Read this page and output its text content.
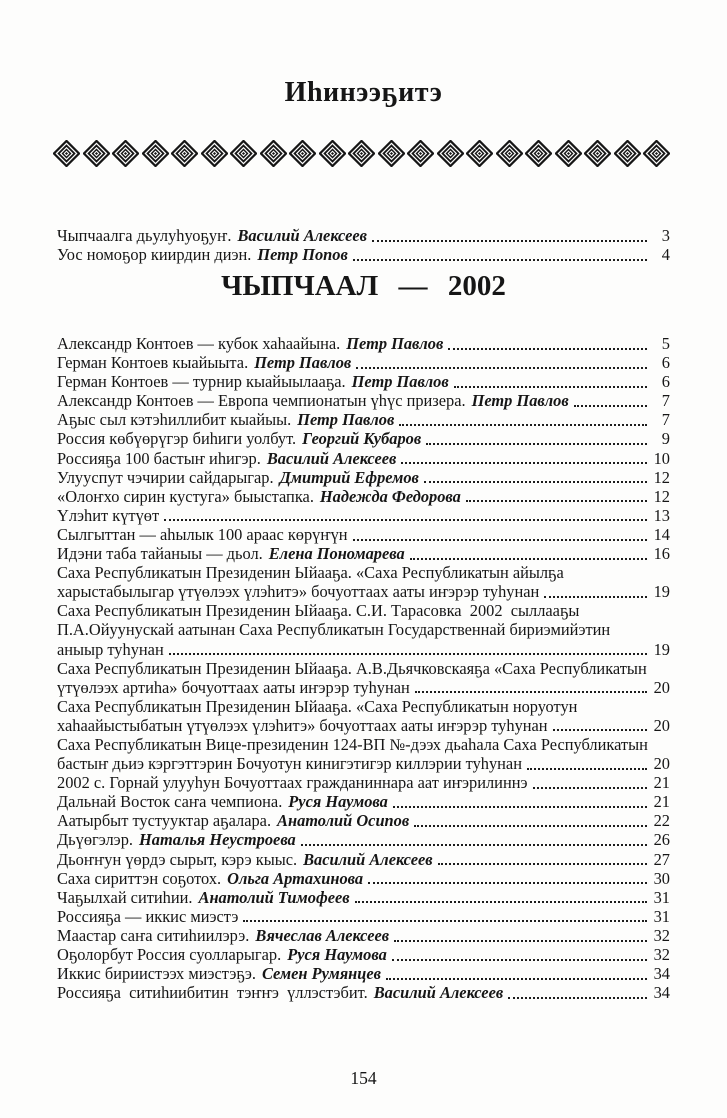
Иһинээҕитэ
Чыпчаалга дьулуһуоҕуҥ. Василий Алексеев	3
Уос номоҕор киирдин диэн. Петр Попов	4
ЧЫПЧААЛ — 2002
Александр Контоев — кубок хаһаайына. Петр Павлов	5
Герман Контоев кыайыыта. Петр Павлов	6
Герман Контоев — турнир кыайыылааҕа. Петр Павлов	6
Александр Контоев — Европа чемпионатын үһүс призера. Петр Павлов	7
Аҕыс сыл кэтэһиллибит кыайыы. Петр Павлов	7
Россия көбүөрүгэр биһиги уолбут. Георгий Кубаров	9
Россияҕа 100 бастыҥ иһигэр. Василий Алексеев	10
Улууспут чэчирии сайдарыгар. Дмитрий Ефремов	12
«Олоҥхо сирин кустуга» быыстапка. Надежда Федорова	12
Үлэһит күтүөт	13
Сылгыттан — аһылык 100 араас көрүҥүн	14
Идэни таба тайаныы — дьол. Елена Пономарева	16
Саха Республикатын Президенин Ыйааҕа. «Саха Республикатын айылҕа
харыстабылыгар үтүөлээх үлэһитэ» бочуоттаах ааты иҥэрэр туһунан	19
Саха Республикатын Президенин Ыйааҕа. С.И. Тарасовка  2002  сыллааҕы
П.А.Ойуунускай аатынан Саха Республикатын Государственнай бириэмийэтин
аныыр туһунан	19
Саха Республикатын Президенин Ыйааҕа. А.В.Дьячковскаяҕа «Саха Республикатын
үтүөлээх артиһа» бочуоттаах ааты иҥэрэр туһунан	20
Саха Республикатын Президенин Ыйааҕа. «Саха Республикатын норуотун
хаһаайыстыбатын үтүөлээх үлэһитэ» бочуоттаах ааты иҥэрэр туһунан	20
Саха Республикатын Вице-президенин 124-ВП №-дээх дьаһала Саха Республикатын
бастыҥ дьиэ кэргэттэрин Бочуотун кинигэтигэр киллэрии туһунан	20
2002 с. Горнай улууһун Бочуоттаах гражданиннара аат иҥэрилиннэ	21
Дальнай Восток саҥа чемпиона. Руся Наумова	21
Аатырбыт тустууктар аҕалара. Анатолий Осипов	22
Дьүөгэлэр. Наталья Неустроева	26
Дьоҥҥун үөрдэ сырыт, кэрэ кыыс. Василий Алексеев	27
Саха сириттэн соҕотох. Ольга Артахинова	30
Чаҕылхай ситиһии. Анатолий Тимофеев	31
Россияҕа — иккис миэстэ	31
Маастар саҥа ситиһиилэрэ. Вячеслав Алексеев	32
Оҕолорбут Россия суолларыгар. Руся Наумова	32
Иккис бириистээх миэстэҕэ. Семен Румянцев	34
Россияҕа  ситиһиибитин  тэҥҥэ  үллэстэбит. Василий Алексеев	34
154
